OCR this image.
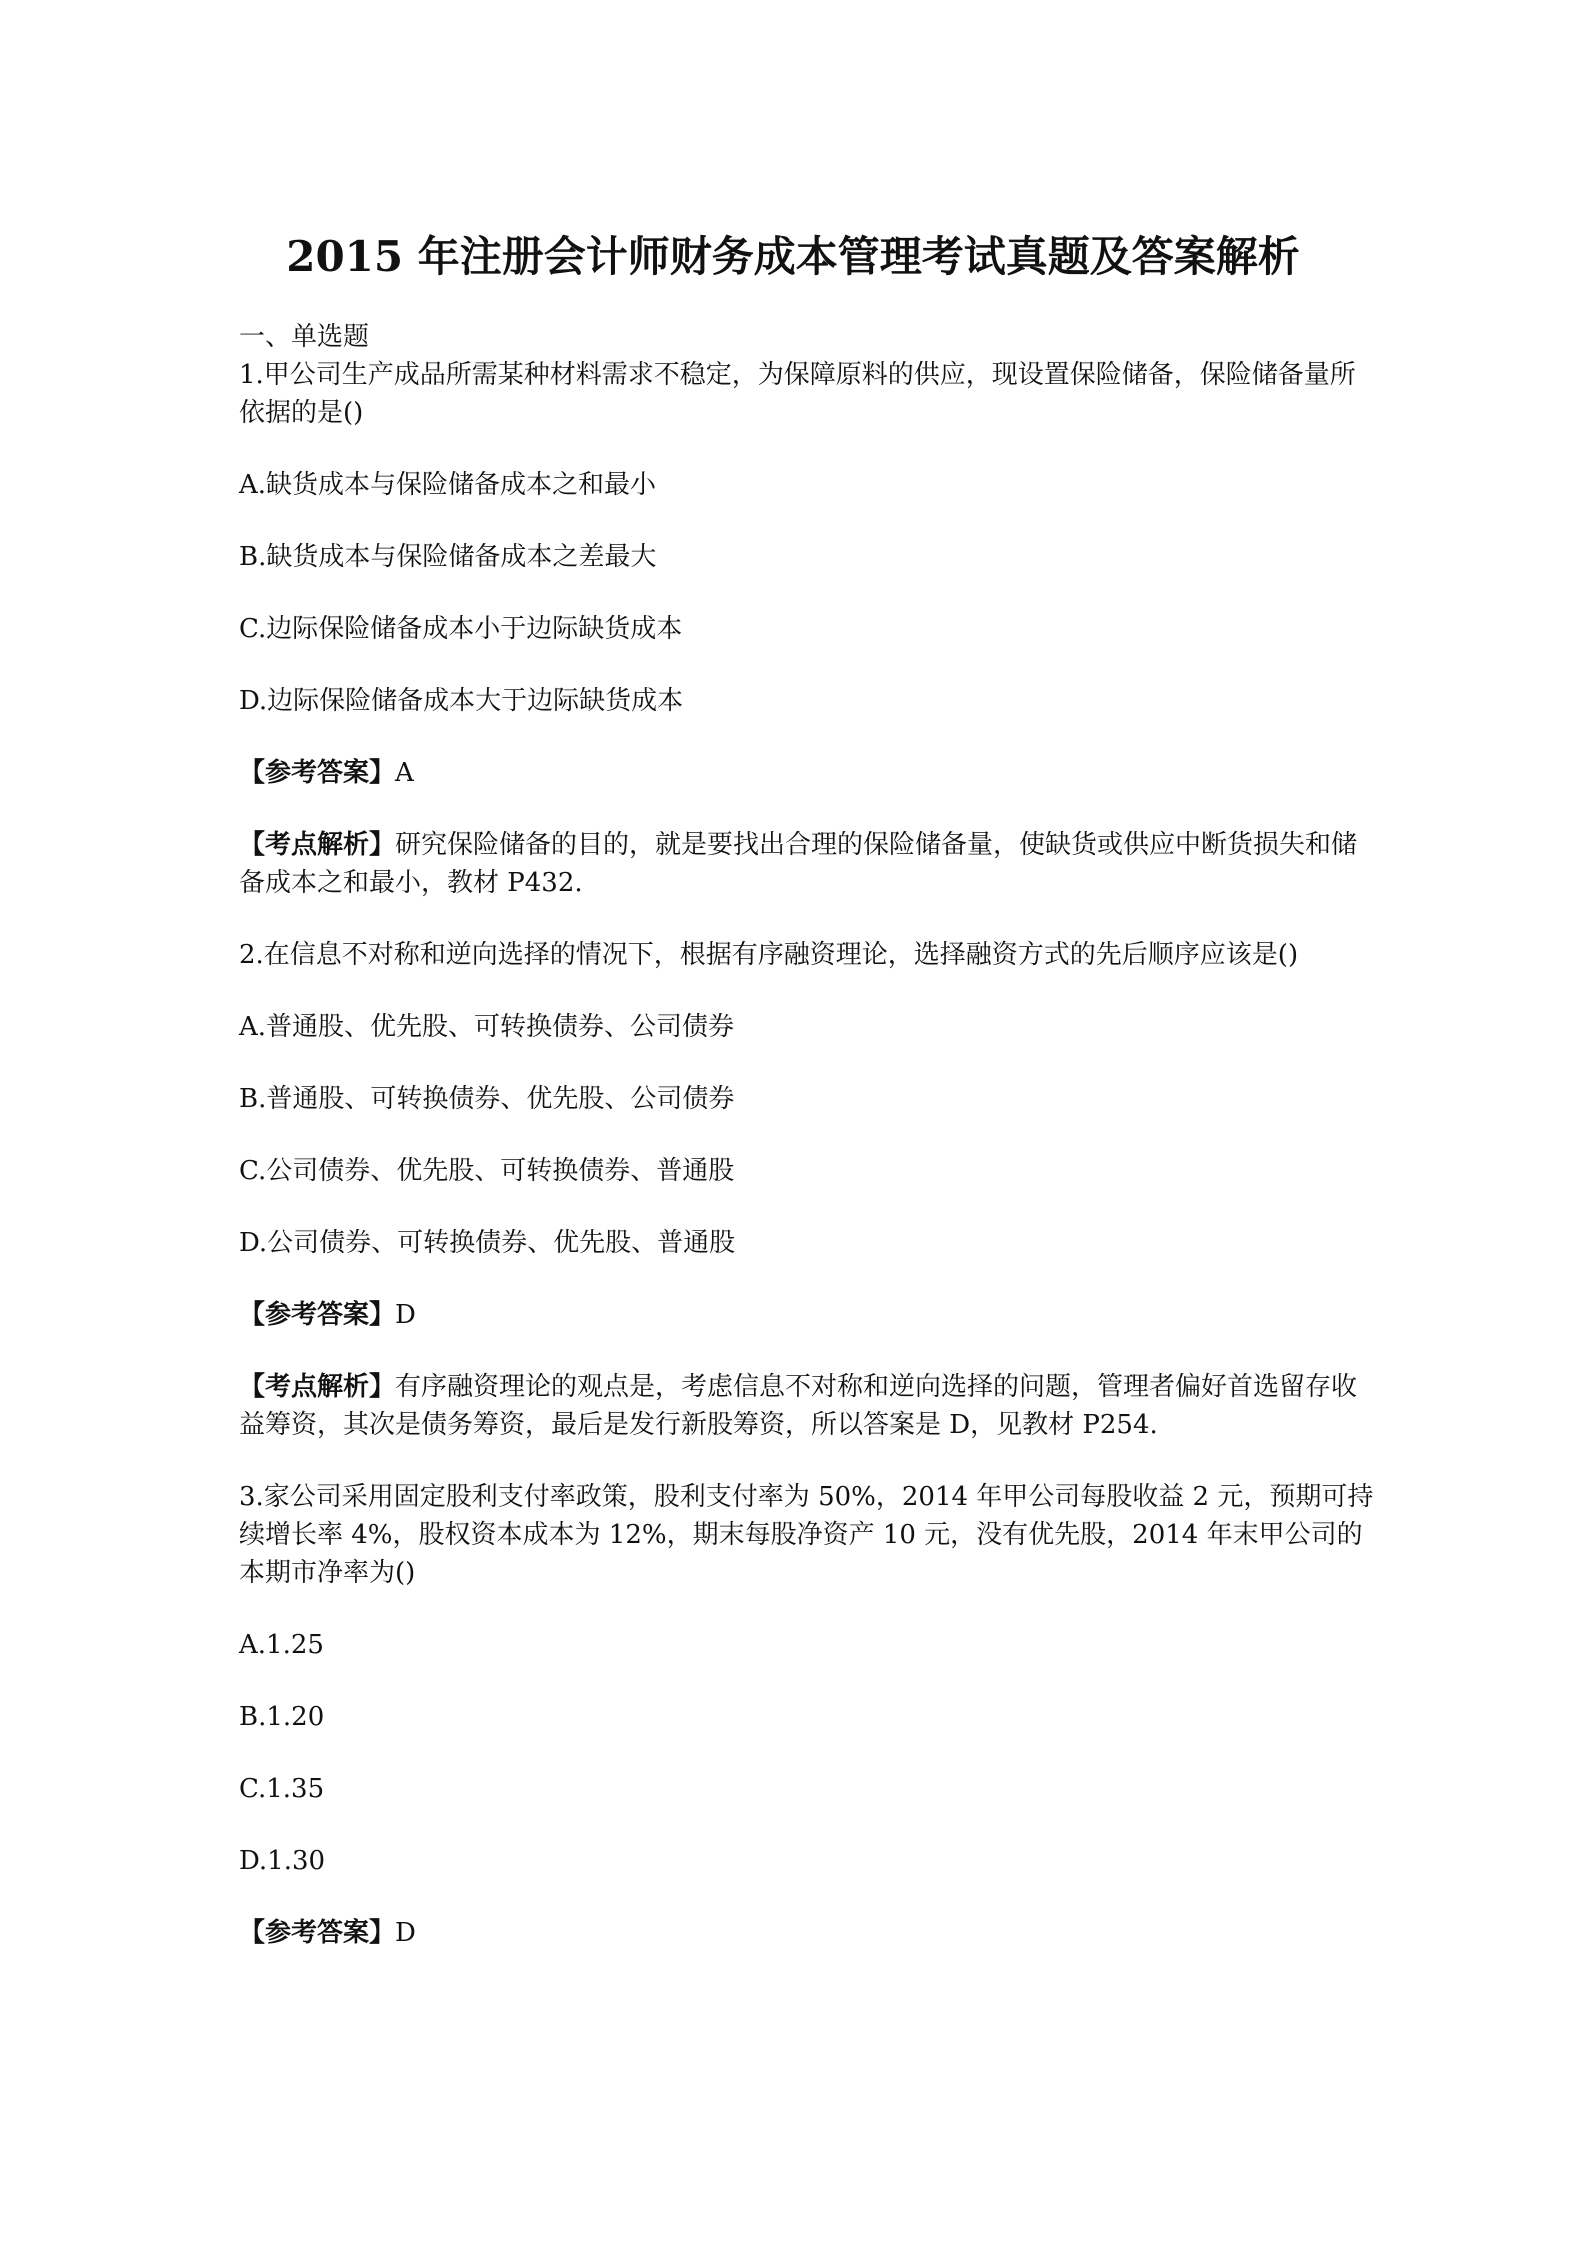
2015 年注册会计师财务成本管理考试真题及答案解析

一、单选题

1.甲公司生产成品所需某种材料需求不稳定，为保障原料的供应，现设置保险储备，保险储备量所依据的是()

A.缺货成本与保险储备成本之和最小

B.缺货成本与保险储备成本之差最大

C.边际保险储备成本小于边际缺货成本

D.边际保险储备成本大于边际缺货成本

【参考答案】A

【考点解析】研究保险储备的目的，就是要找出合理的保险储备量，使缺货或供应中断货损失和储备成本之和最小，教材 P432.

2.在信息不对称和逆向选择的情况下，根据有序融资理论，选择融资方式的先后顺序应该是()

A.普通股、优先股、可转换债券、公司债券

B.普通股、可转换债券、优先股、公司债券

C.公司债券、优先股、可转换债券、普通股

D.公司债券、可转换债券、优先股、普通股

【参考答案】D

【考点解析】有序融资理论的观点是，考虑信息不对称和逆向选择的问题，管理者偏好首选留存收益筹资，其次是债务筹资，最后是发行新股筹资，所以答案是 D，见教材 P254.

3.家公司采用固定股利支付率政策，股利支付率为 50%，2014 年甲公司每股收益 2 元，预期可持续增长率 4%，股权资本成本为 12%，期末每股净资产 10 元，没有优先股，2014 年末甲公司的本期市净率为()

A.1.25

B.1.20

C.1.35

D.1.30

【参考答案】D
